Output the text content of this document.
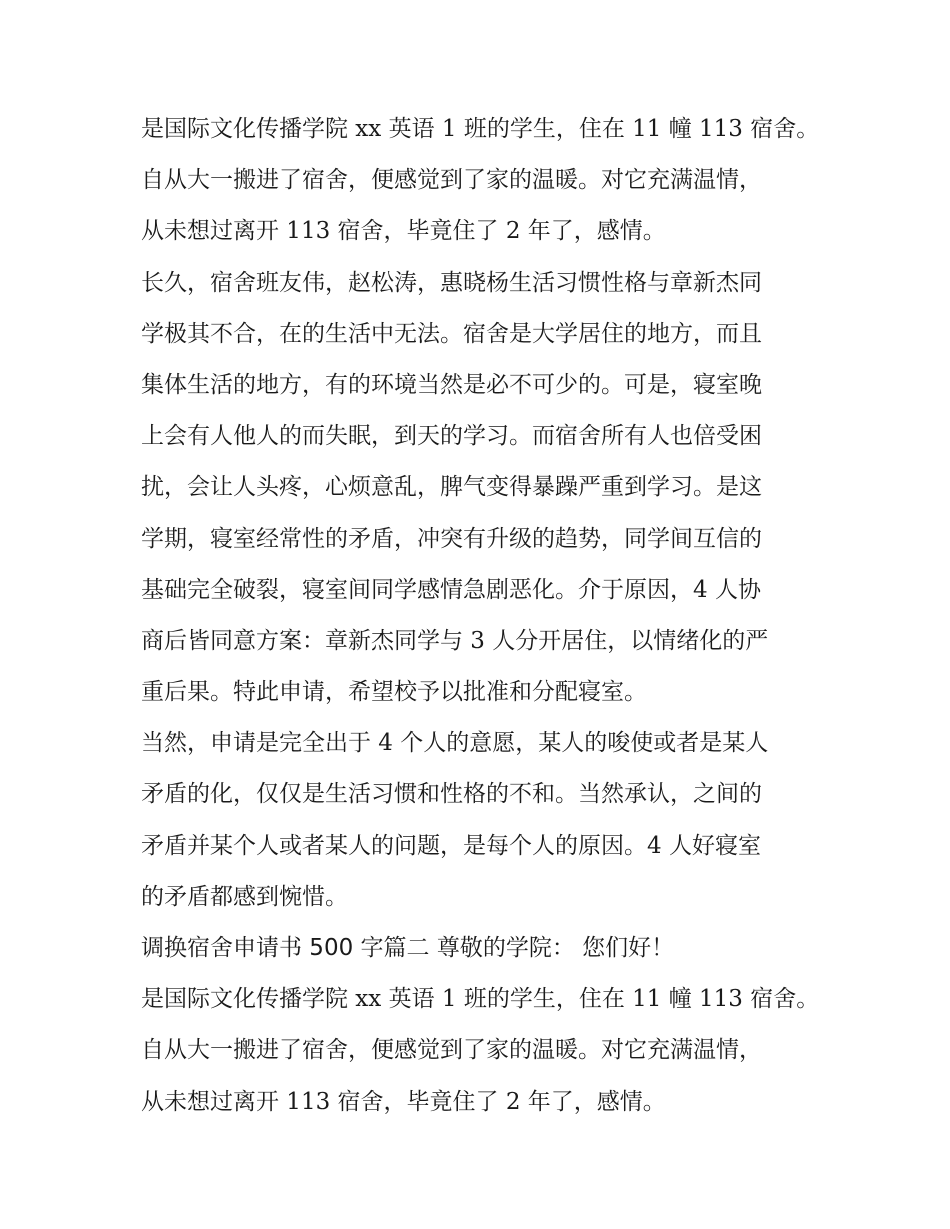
是国际文化传播学院 xx 英语 1 班的学生，住在 11 幢 113 宿舍。
自从大一搬进了宿舍，便感觉到了家的温暖。对它充满温情，
从未想过离开 113 宿舍，毕竟住了 2 年了，感情。
长久，宿舍班友伟，赵松涛，惠晓杨生活习惯性格与章新杰同
学极其不合，在的生活中无法。宿舍是大学居住的地方，而且
集体生活的地方，有的环境当然是必不可少的。可是，寝室晚
上会有人他人的而失眠，到天的学习。而宿舍所有人也倍受困
扰，会让人头疼，心烦意乱，脾气变得暴躁严重到学习。是这
学期，寝室经常性的矛盾，冲突有升级的趋势，同学间互信的
基础完全破裂，寝室间同学感情急剧恶化。介于原因，4 人协
商后皆同意方案：章新杰同学与 3 人分开居住，以情绪化的严
重后果。特此申请，希望校予以批准和分配寝室。
当然，申请是完全出于 4 个人的意愿，某人的唆使或者是某人
矛盾的化，仅仅是生活习惯和性格的不和。当然承认，之间的
矛盾并某个人或者某人的问题，是每个人的原因。4 人好寝室
的矛盾都感到惋惜。
调换宿舍申请书 500 字篇二 尊敬的学院： 您们好！
是国际文化传播学院 xx 英语 1 班的学生，住在 11 幢 113 宿舍。
自从大一搬进了宿舍，便感觉到了家的温暖。对它充满温情，
从未想过离开 113 宿舍，毕竟住了 2 年了，感情。
